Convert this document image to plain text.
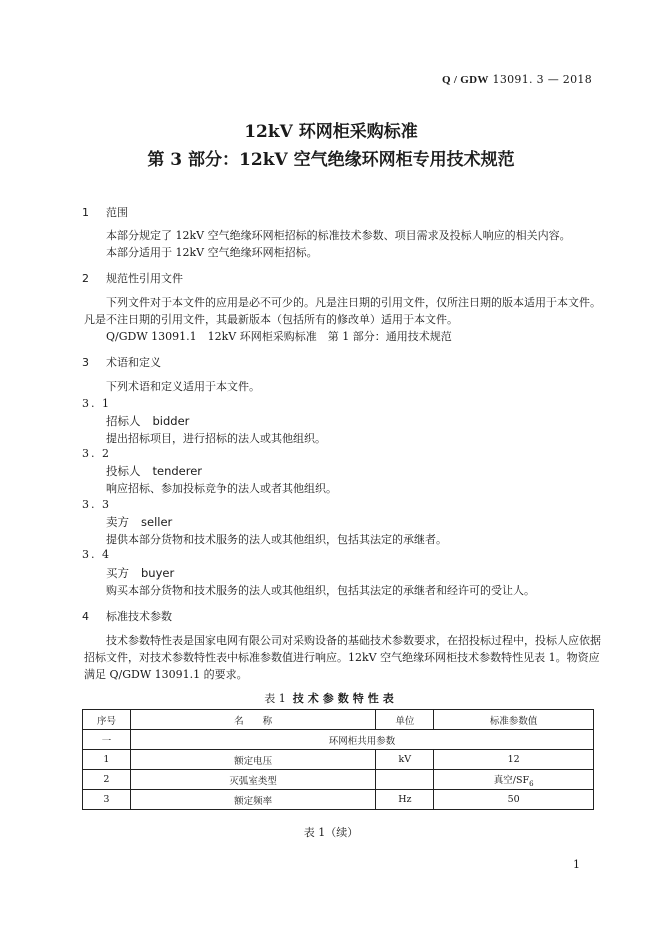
Q / GDW 13091. 3 — 2018
12kV 环网柜采购标准
第 3 部分：12kV 空气绝缘环网柜专用技术规范
1 范围
本部分规定了 12kV 空气绝缘环网柜招标的标准技术参数、项目需求及投标人响应的相关内容。
本部分适用于 12kV 空气绝缘环网柜招标。
2 规范性引用文件
下列文件对于本文件的应用是必不可少的。凡是注日期的引用文件，仅所注日期的版本适用于本文件。凡是不注日期的引用文件，其最新版本（包括所有的修改单）适用于本文件。
Q/GDW 13091.1　12kV 环网柜采购标准　第 1 部分：通用技术规范
3 术语和定义
下列术语和定义适用于本文件。
3. 1
招标人 bidder
提出招标项目，进行招标的法人或其他组织。
3. 2
投标人 tenderer
响应招标、参加投标竞争的法人或者其他组织。
3. 3
卖方 seller
提供本部分货物和技术服务的法人或其他组织，包括其法定的承继者。
3. 4
买方 buyer
购买本部分货物和技术服务的法人或其他组织，包括其法定的承继者和经许可的受让人。
4 标准技术参数
技术参数特性表是国家电网有限公司对采购设备的基础技术参数要求，在招投标过程中，投标人应依据招标文件，对技术参数特性表中标准参数值进行响应。12kV 空气绝缘环网柜技术参数特性见表 1。物资应满足 Q/GDW 13091.1 的要求。
表 1 技术参数特性表
序号	名　　称	单位	标准参数值
一	环网柜共用参数		
1	额定电压	kV	12
2	灭弧室类型		真空$/SF_6$
3	额定频率	Hz	50
表 1（续）
1
